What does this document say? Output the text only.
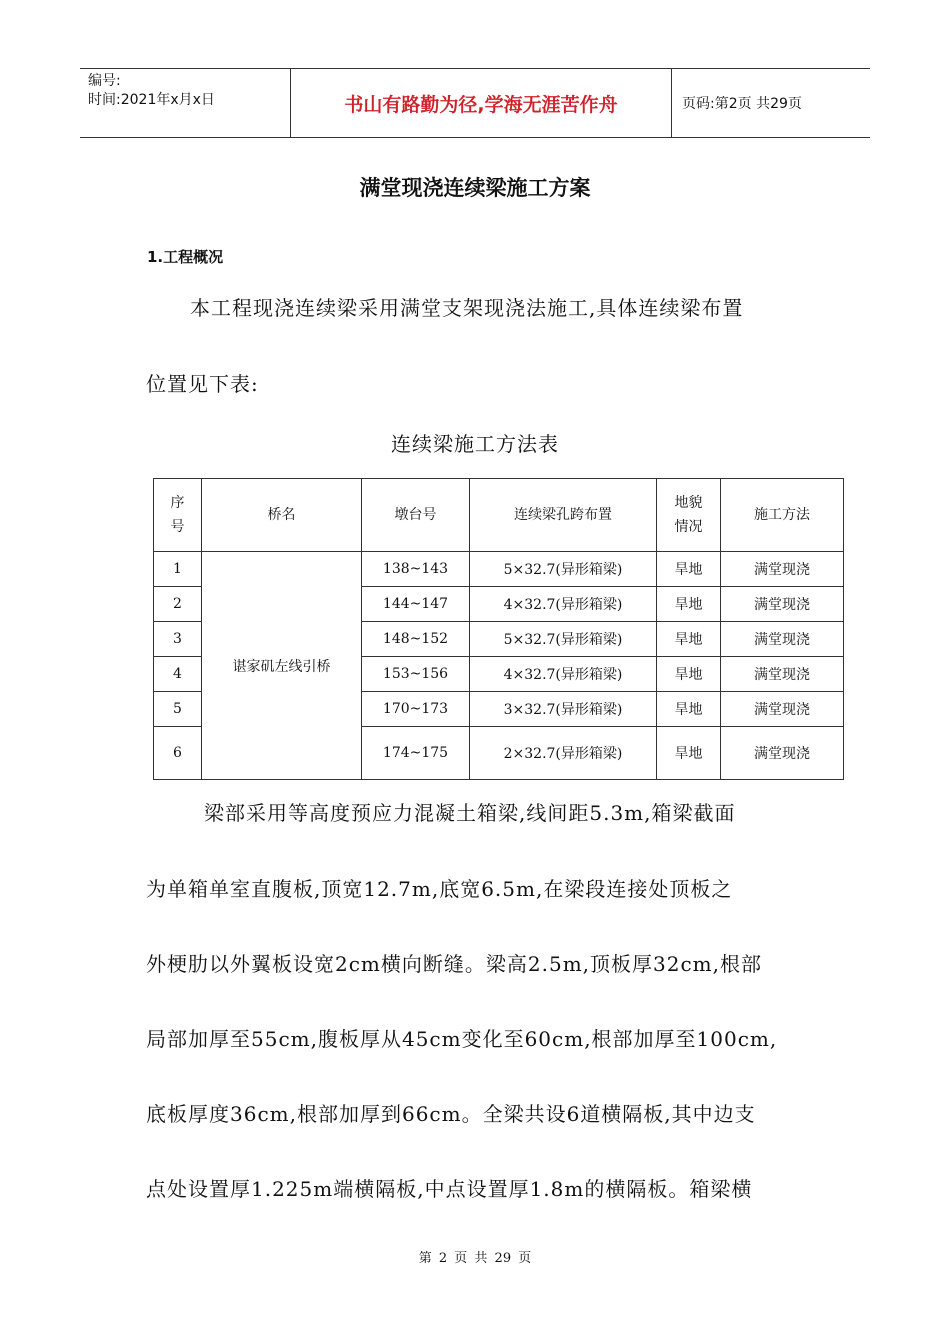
编号:
时间:2021年x月x日	书山有路勤为径,学海无涯苦作舟	页码:第2页 共29页
满堂现浇连续梁施工方案
1.工程概况
本工程现浇连续梁采用满堂支架现浇法施工,具体连续梁布置
位置见下表:
连续梁施工方法表
序号	桥名	墩台号	连续梁孔跨布置	地貌情况	施工方法
1	谌家矶左线引桥	138~143	5×32.7(异形箱梁)	旱地	满堂现浇
2		144~147	4×32.7(异形箱梁)	旱地	满堂现浇
3		148~152	5×32.7(异形箱梁)	旱地	满堂现浇
4		153~156	4×32.7(异形箱梁)	旱地	满堂现浇
5		170~173	3×32.7(异形箱梁)	旱地	满堂现浇
6		174~175	2×32.7(异形箱梁)	旱地	满堂现浇
梁部采用等高度预应力混凝土箱梁,线间距5.3m,箱梁截面
为单箱单室直腹板,顶宽12.7m,底宽6.5m,在梁段连接处顶板之
外梗肋以外翼板设宽2cm横向断缝。梁高2.5m,顶板厚32cm,根部
局部加厚至55cm,腹板厚从45cm变化至60cm,根部加厚至100cm,
底板厚度36cm,根部加厚到66cm。全梁共设6道横隔板,其中边支
点处设置厚1.225m端横隔板,中点设置厚1.8m的横隔板。箱梁横
第 2 页 共 29 页
